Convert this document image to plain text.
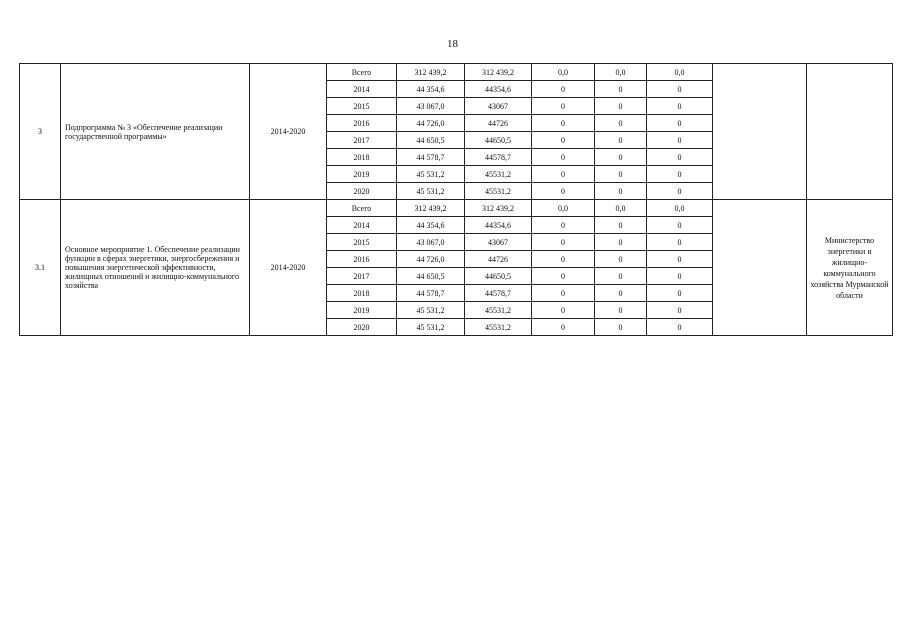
18
3	Подпрограмма № 3 «Обеспечение реализации государственной программы»	2014-2020	Всего	312 439,2	312 439,2	0,0	0,0	0,0		
			2014	44 354,6	44354,6	0	0	0		
			2015	43 067,0	43067	0	0	0		
			2016	44 726,0	44726	0	0	0		
			2017	44 650,5	44650,5	0	0	0		
			2018	44 578,7	44578,7	0	0	0		
			2019	45 531,2	45531,2	0	0	0		
			2020	45 531,2	45531,2	0	0	0		
3.1	Основное мероприятие 1. Обеспечение реализации функции в сферах энергетики, энергосбережения и повышения энергетической эффективности, жилищных отношений и жилищно-коммунального хозяйства	2014-2020	Всего	312 439,2	312 439,2	0,0	0,0	0,0		Министерство энергетики и жилищно-коммунального хозяйства Мурманской области
			2014	44 354,6	44354,6	0	0	0		
			2015	43 067,0	43067	0	0	0		
			2016	44 726,0	44726	0	0	0		
			2017	44 650,5	44650,5	0	0	0		
			2018	44 578,7	44578,7	0	0	0		
			2019	45 531,2	45531,2	0	0	0		
			2020	45 531,2	45531,2	0	0	0		
